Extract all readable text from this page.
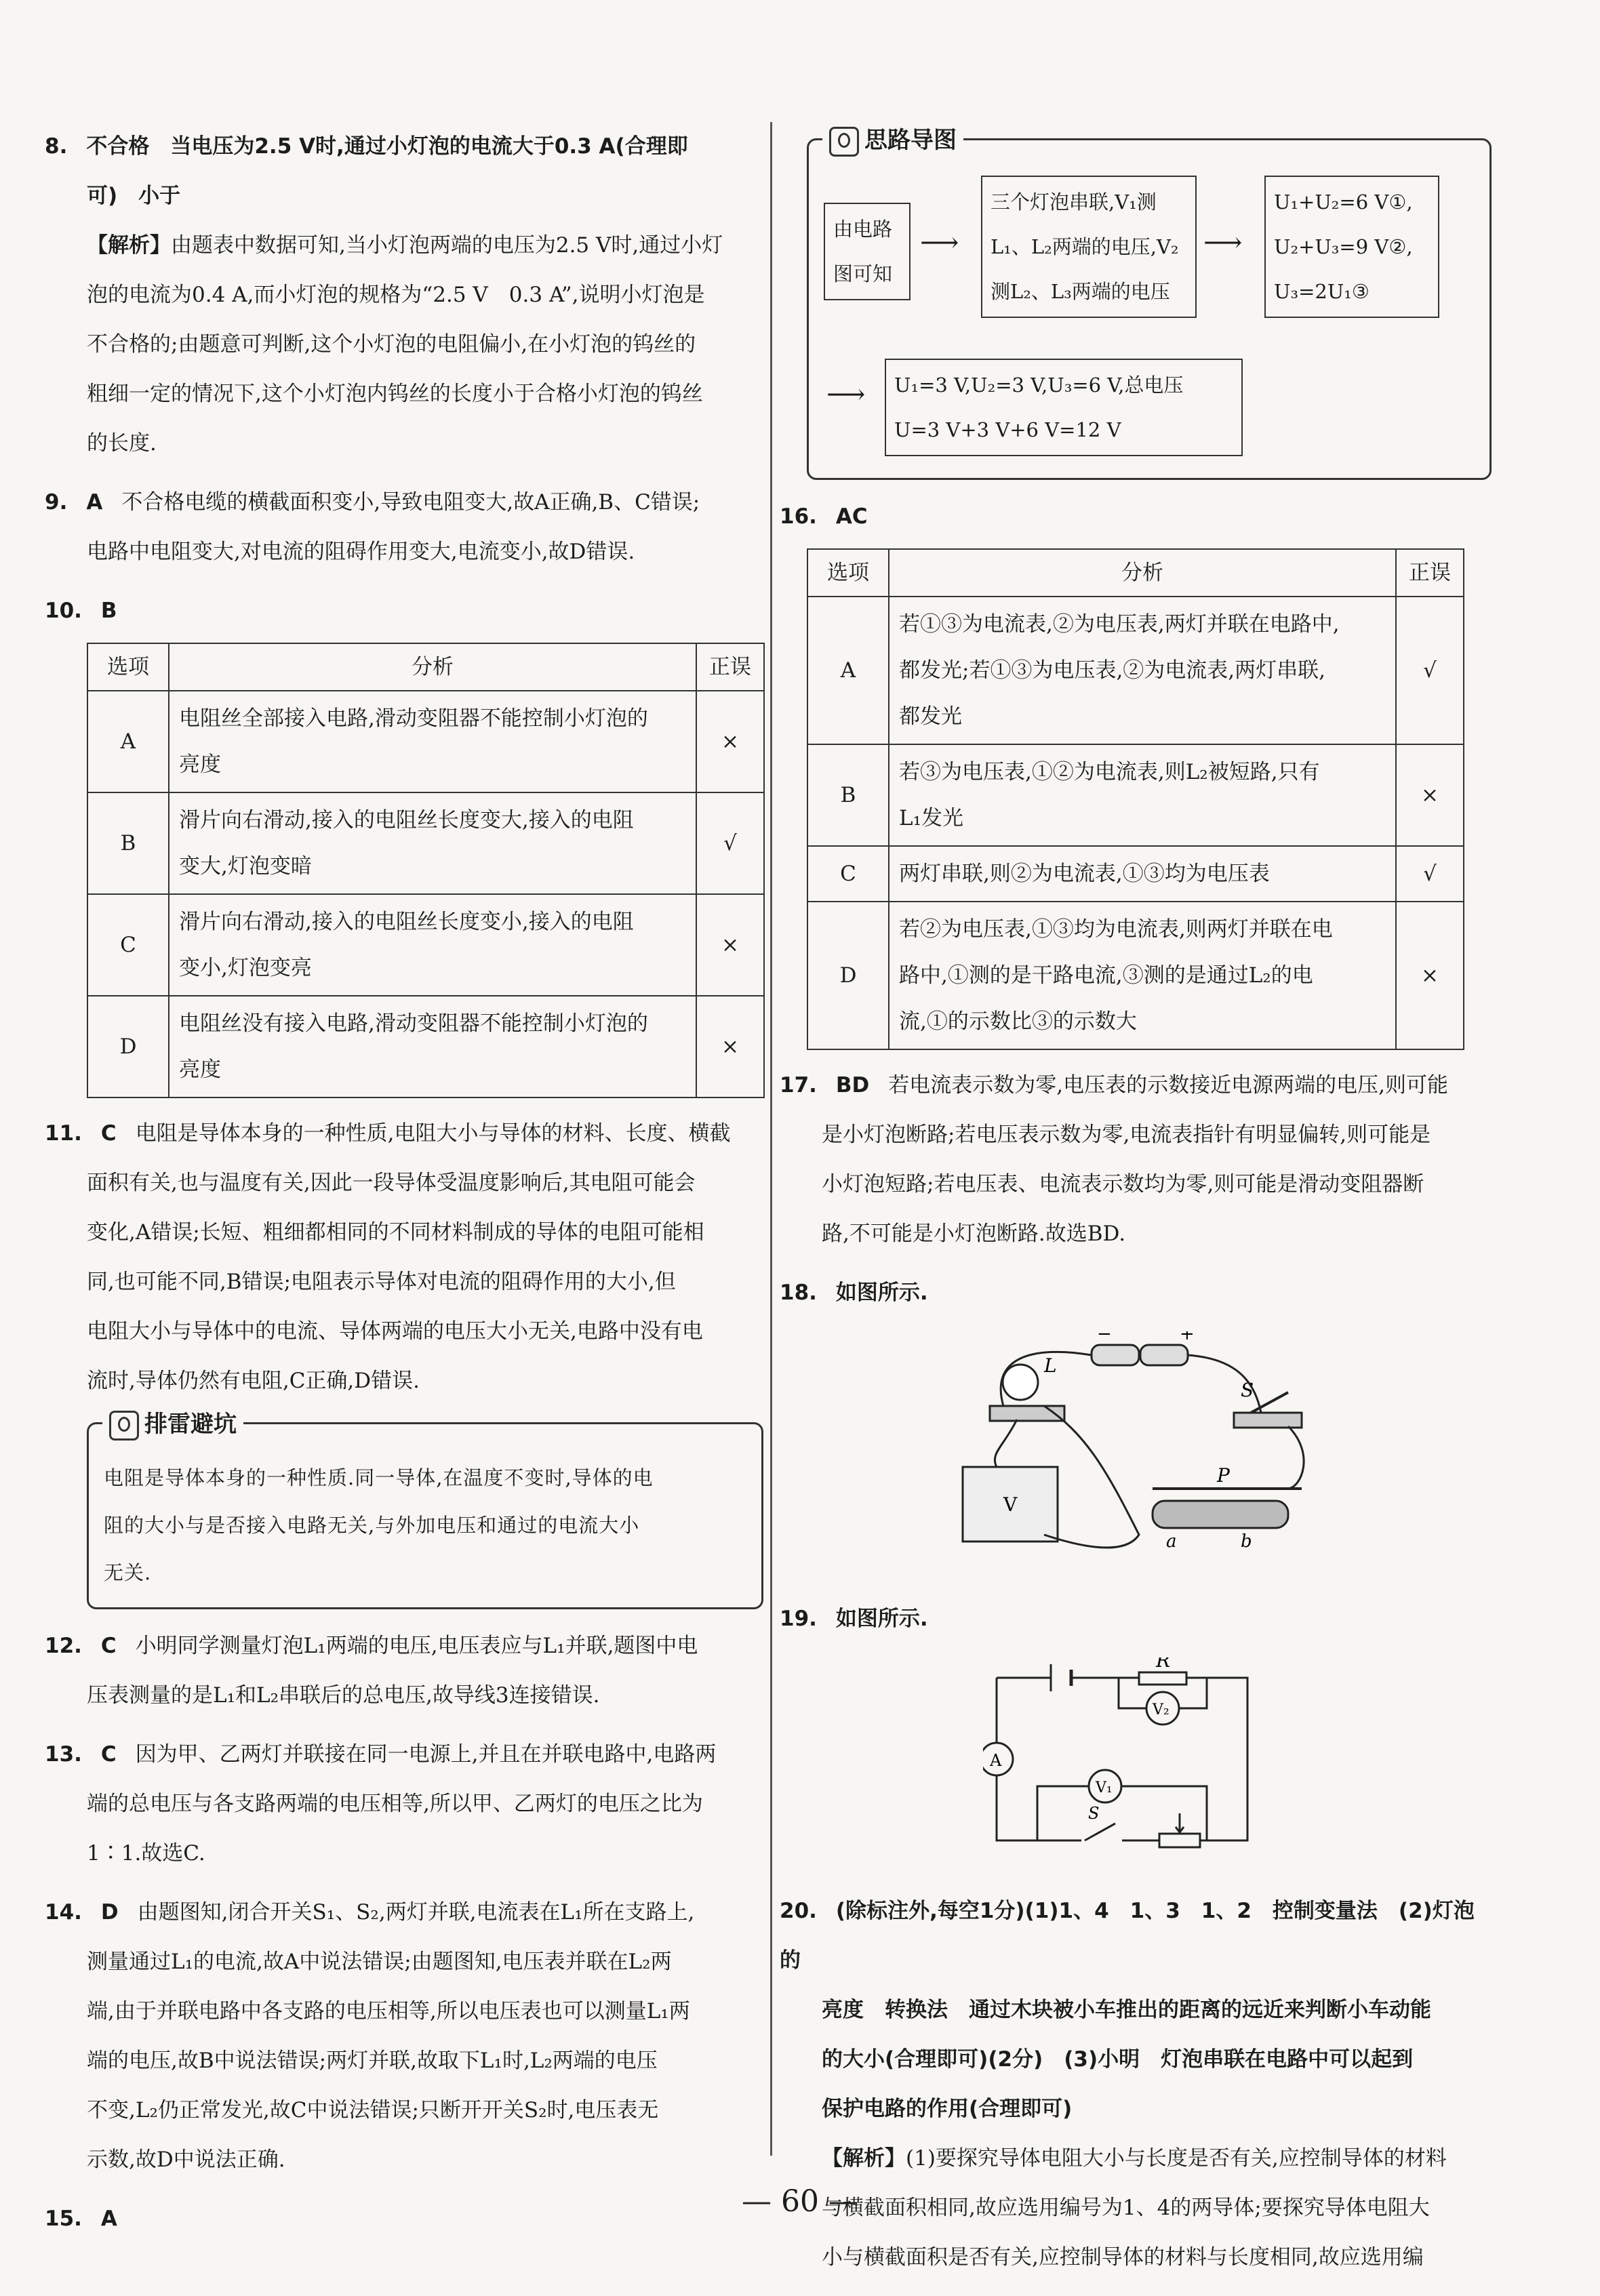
8. 不合格　当电压为2.5 V时,通过小灯泡的电流大于0.3 A(合理即

可)　小于

【解析】由题表中数据可知,当小灯泡两端的电压为2.5 V时,通过小灯

泡的电流为0.4 A,而小灯泡的规格为“2.5 V　0.3 A”,说明小灯泡是

不合格的;由题意可判断,这个小灯泡的电阻偏小,在小灯泡的钨丝的

粗细一定的情况下,这个小灯泡内钨丝的长度小于合格小灯泡的钨丝

的长度.

9. A 不合格电缆的横截面积变小,导致电阻变大,故A正确,B、C错误;

电路中电阻变大,对电流的阻碍作用变大,电流变小,故D错误.

10. B

选项	分析	正误
A	电阻丝全部接入电路,滑动变阻器不能控制小灯泡的
亮度	×
B	滑片向右滑动,接入的电阻丝长度变大,接入的电阻
变大,灯泡变暗	√
C	滑片向右滑动,接入的电阻丝长度变小,接入的电阻
变小,灯泡变亮	×
D	电阻丝没有接入电路,滑动变阻器不能控制小灯泡的
亮度	×

11. C 电阻是导体本身的一种性质,电阻大小与导体的材料、长度、横截

面积有关,也与温度有关,因此一段导体受温度影响后,其电阻可能会

变化,A错误;长短、粗细都相同的不同材料制成的导体的电阻可能相

同,也可能不同,B错误;电阻表示导体对电流的阻碍作用的大小,但

电阻大小与导体中的电流、导体两端的电压大小无关,电路中没有电

流时,导体仍然有电阻,C正确,D错误.

排雷避坑

电阻是导体本身的一种性质.同一导体,在温度不变时,导体的电

阻的大小与是否接入电路无关,与外加电压和通过的电流大小

无关.

12. C 小明同学测量灯泡L₁两端的电压,电压表应与L₁并联,题图中电

压表测量的是L₁和L₂串联后的总电压,故导线3连接错误.

13. C 因为甲、乙两灯并联接在同一电源上,并且在并联电路中,电路两

端的总电压与各支路两端的电压相等,所以甲、乙两灯的电压之比为

1∶1.故选C.

14. D 由题图知,闭合开关S₁、S₂,两灯并联,电流表在L₁所在支路上,

测量通过L₁的电流,故A中说法错误;由题图知,电压表并联在L₂两

端,由于并联电路中各支路的电压相等,所以电压表也可以测量L₁两

端的电压,故B中说法错误;两灯并联,故取下L₁时,L₂两端的电压

不变,L₂仍正常发光,故C中说法错误;只断开开关S₂时,电压表无

示数,故D中说法正确.

15. A

思路导图
由电路
图可知
⟶
三个灯泡串联,V₁测
L₁、L₂两端的电压,V₂
测L₂、L₃两端的电压
⟶
U₁+U₂=6 V①,
U₂+U₃=9 V②,
U₃=2U₁③
⟶ U₁=3 V,U₂=3 V,U₃=6 V,总电压
U=3 V+3 V+6 V=12 V

16. AC

选项	分析	正误
A	若①③为电流表,②为电压表,两灯并联在电路中,
都发光;若①③为电压表,②为电流表,两灯串联,
都发光	√
B	若③为电压表,①②为电流表,则L₂被短路,只有
L₁发光	×
C	两灯串联,则②为电流表,①③均为电压表	√
D	若②为电压表,①③均为电流表,则两灯并联在电
路中,①测的是干路电流,③测的是通过L₂的电
流,①的示数比③的示数大	×

17. BD 若电流表示数为零,电压表的示数接近电源两端的电压,则可能

是小灯泡断路;若电压表示数为零,电流表指针有明显偏转,则可能是

小灯泡短路;若电压表、电流表示数均为零,则可能是滑动变阻器断

路,不可能是小灯泡断路.故选BD.

18. 如图所示.

−	+
L
S
V
P
a	b

19. 如图所示.

R
V₂
A
V₁
S

20. (除标注外,每空1分)(1)1、4　1、3　1、2　控制变量法　(2)灯泡的

亮度　转换法　通过木块被小车推出的距离的远近来判断小车动能

的大小(合理即可)(2分)　(3)小明　灯泡串联在电路中可以起到

保护电路的作用(合理即可)

【解析】(1)要探究导体电阻大小与长度是否有关,应控制导体的材料

与横截面积相同,故应选用编号为1、4的两导体;要探究导体电阻大

小与横截面积是否有关,应控制导体的材料与长度相同,故应选用编

— 60 —
